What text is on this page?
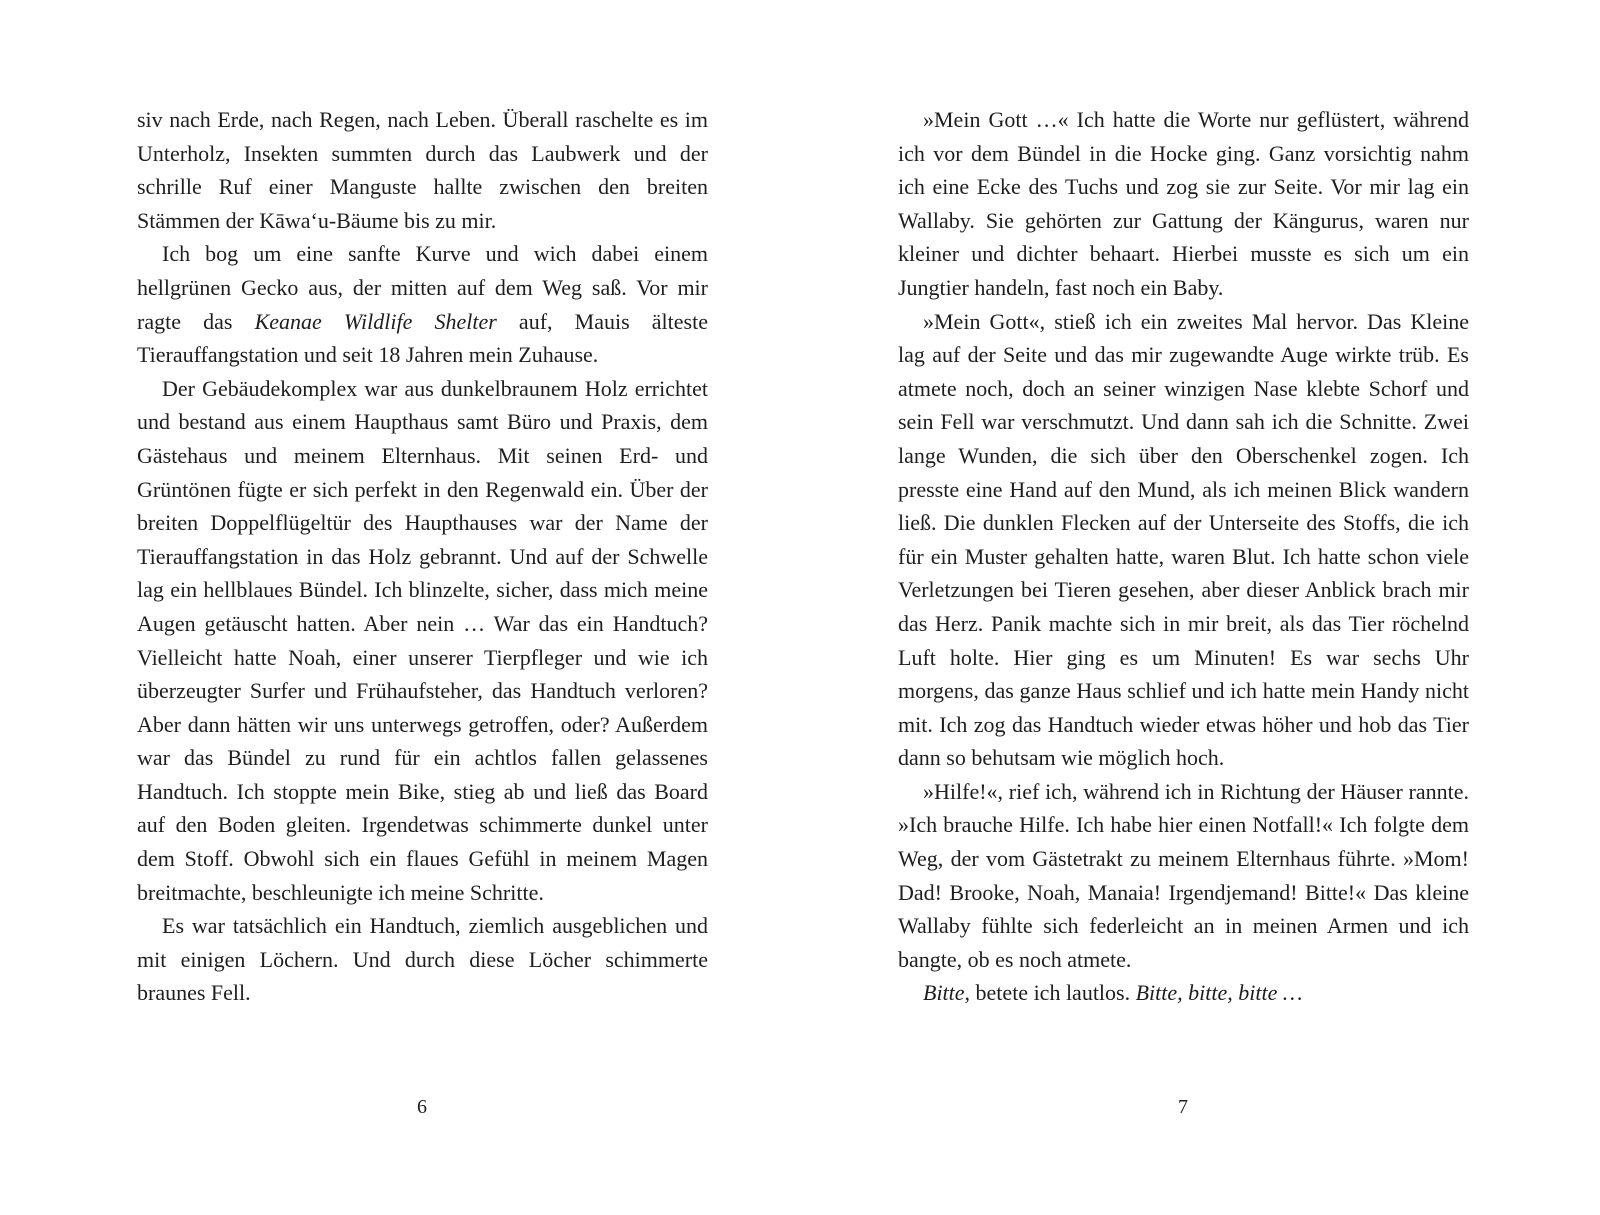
siv nach Erde, nach Regen, nach Leben. Überall raschelte es im Unterholz, Insekten summten durch das Laubwerk und der schrille Ruf einer Manguste hallte zwischen den breiten Stämmen der Kāwa‘u-Bäume bis zu mir.

Ich bog um eine sanfte Kurve und wich dabei einem hellgrünen Gecko aus, der mitten auf dem Weg saß. Vor mir ragte das Keanae Wildlife Shelter auf, Mauis älteste Tierauffangstation und seit 18 Jahren mein Zuhause.

Der Gebäudekomplex war aus dunkelbraunem Holz errichtet und bestand aus einem Haupthaus samt Büro und Praxis, dem Gästehaus und meinem Elternhaus. Mit seinen Erd- und Grüntönen fügte er sich perfekt in den Regenwald ein. Über der breiten Doppelflügeltür des Haupthauses war der Name der Tierauffangstation in das Holz gebrannt. Und auf der Schwelle lag ein hellblaues Bündel. Ich blinzelte, sicher, dass mich meine Augen getäuscht hatten. Aber nein … War das ein Handtuch? Vielleicht hatte Noah, einer unserer Tierpfleger und wie ich überzeugter Surfer und Frühaufsteher, das Handtuch verloren? Aber dann hätten wir uns unterwegs getroffen, oder? Außerdem war das Bündel zu rund für ein achtlos fallen gelassenes Handtuch. Ich stoppte mein Bike, stieg ab und ließ das Board auf den Boden gleiten. Irgendetwas schimmerte dunkel unter dem Stoff. Obwohl sich ein flaues Gefühl in meinem Magen breitmachte, beschleunigte ich meine Schritte.

Es war tatsächlich ein Handtuch, ziemlich ausgeblichen und mit einigen Löchern. Und durch diese Löcher schimmerte braunes Fell.

6

»Mein Gott …« Ich hatte die Worte nur geflüstert, während ich vor dem Bündel in die Hocke ging. Ganz vorsichtig nahm ich eine Ecke des Tuchs und zog sie zur Seite. Vor mir lag ein Wallaby. Sie gehörten zur Gattung der Kängurus, waren nur kleiner und dichter behaart. Hierbei musste es sich um ein Jungtier handeln, fast noch ein Baby.

»Mein Gott«, stieß ich ein zweites Mal hervor. Das Kleine lag auf der Seite und das mir zugewandte Auge wirkte trüb. Es atmete noch, doch an seiner winzigen Nase klebte Schorf und sein Fell war verschmutzt. Und dann sah ich die Schnitte. Zwei lange Wunden, die sich über den Oberschenkel zogen. Ich presste eine Hand auf den Mund, als ich meinen Blick wandern ließ. Die dunklen Flecken auf der Unterseite des Stoffs, die ich für ein Muster gehalten hatte, waren Blut. Ich hatte schon viele Verletzungen bei Tieren gesehen, aber dieser Anblick brach mir das Herz. Panik machte sich in mir breit, als das Tier röchelnd Luft holte. Hier ging es um Minuten! Es war sechs Uhr morgens, das ganze Haus schlief und ich hatte mein Handy nicht mit. Ich zog das Handtuch wieder etwas höher und hob das Tier dann so behutsam wie möglich hoch.

»Hilfe!«, rief ich, während ich in Richtung der Häuser rannte. »Ich brauche Hilfe. Ich habe hier einen Notfall!« Ich folgte dem Weg, der vom Gästetrakt zu meinem Elternhaus führte. »Mom! Dad! Brooke, Noah, Manaia! Irgendjemand! Bitte!« Das kleine Wallaby fühlte sich federleicht an in meinen Armen und ich bangte, ob es noch atmete.

Bitte, betete ich lautlos. Bitte, bitte, bitte …

7
